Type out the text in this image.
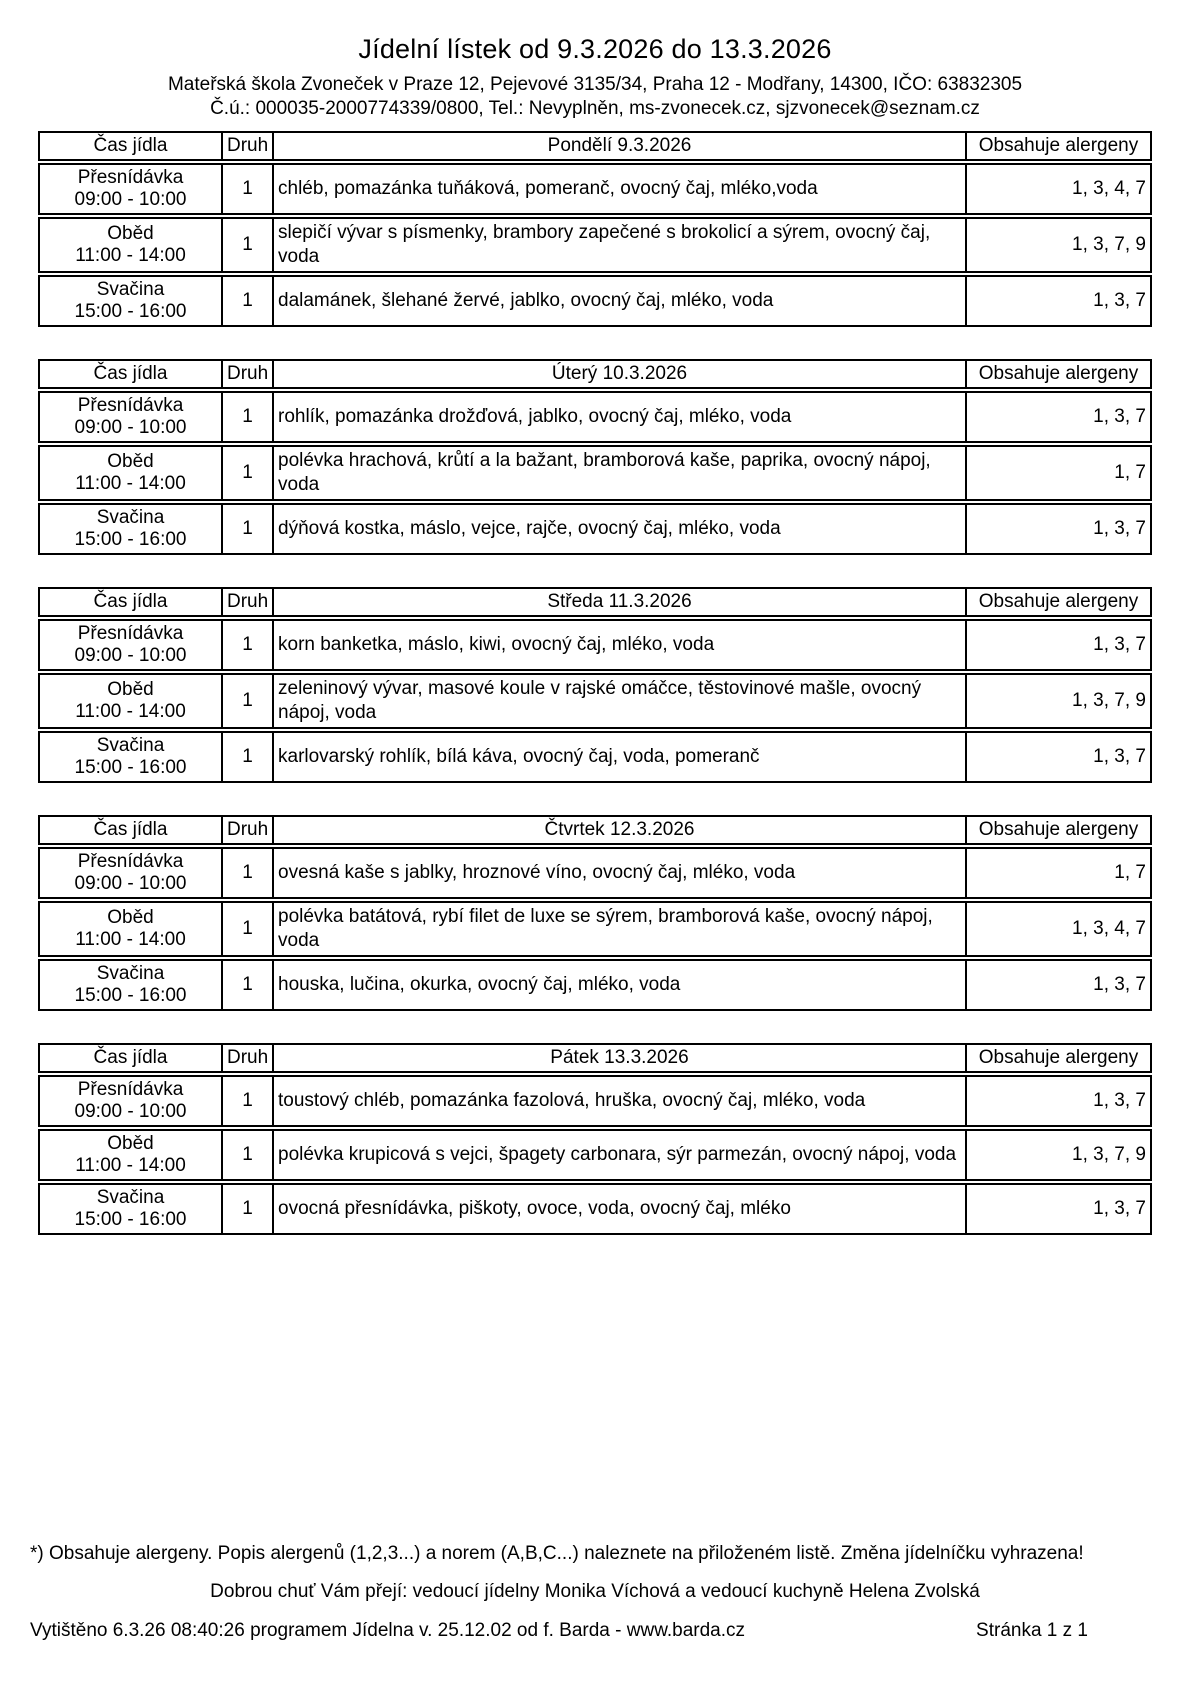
Jídelní lístek od 9.3.2026 do 13.3.2026
Mateřská škola Zvoneček v Praze 12, Pejevové 3135/34, Praha 12 - Modřany, 14300, IČO: 63832305
Č.ú.: 000035-2000774339/0800, Tel.: Nevyplněn, ms-zvonecek.cz, sjzvonecek@seznam.cz
Čas jídla	Druh	Pondělí 9.3.2026	Obsahuje alergeny
Přesnídávka
09:00 - 10:00	1	chléb, pomazánka tuňáková, pomeranč, ovocný čaj, mléko,voda	1, 3, 4, 7
Oběd
11:00 - 14:00	1	slepičí vývar s písmenky, brambory zapečené s brokolicí a sýrem, ovocný čaj, voda	1, 3, 7, 9
Svačina
15:00 - 16:00	1	dalamánek, šlehané žervé, jablko, ovocný čaj, mléko, voda	1, 3, 7
Čas jídla	Druh	Úterý 10.3.2026	Obsahuje alergeny
Přesnídávka
09:00 - 10:00	1	rohlík, pomazánka drožďová, jablko, ovocný čaj, mléko, voda	1, 3, 7
Oběd
11:00 - 14:00	1	polévka hrachová, krůtí a la bažant, bramborová kaše, paprika, ovocný nápoj, voda	1, 7
Svačina
15:00 - 16:00	1	dýňová kostka, máslo, vejce, rajče, ovocný čaj, mléko, voda	1, 3, 7
Čas jídla	Druh	Středa 11.3.2026	Obsahuje alergeny
Přesnídávka
09:00 - 10:00	1	korn banketka, máslo, kiwi, ovocný čaj, mléko, voda	1, 3, 7
Oběd
11:00 - 14:00	1	zeleninový vývar, masové koule v rajské omáčce, těstovinové mašle, ovocný nápoj, voda	1, 3, 7, 9
Svačina
15:00 - 16:00	1	karlovarský rohlík, bílá káva, ovocný čaj, voda, pomeranč	1, 3, 7
Čas jídla	Druh	Čtvrtek 12.3.2026	Obsahuje alergeny
Přesnídávka
09:00 - 10:00	1	ovesná kaše s jablky, hroznové víno, ovocný čaj, mléko, voda	1, 7
Oběd
11:00 - 14:00	1	polévka batátová, rybí filet de luxe se sýrem, bramborová kaše, ovocný nápoj, voda	1, 3, 4, 7
Svačina
15:00 - 16:00	1	houska, lučina, okurka, ovocný čaj, mléko, voda	1, 3, 7
Čas jídla	Druh	Pátek 13.3.2026	Obsahuje alergeny
Přesnídávka
09:00 - 10:00	1	toustový chléb, pomazánka fazolová, hruška, ovocný čaj, mléko, voda	1, 3, 7
Oběd
11:00 - 14:00	1	polévka krupicová s vejci, špagety carbonara, sýr parmezán, ovocný nápoj, voda	1, 3, 7, 9
Svačina
15:00 - 16:00	1	ovocná přesnídávka, piškoty, ovoce, voda, ovocný čaj, mléko	1, 3, 7
*) Obsahuje alergeny. Popis alergenů (1,2,3...) a norem (A,B,C...) naleznete na přiloženém listě. Změna jídelníčku vyhrazena!
Dobrou chuť Vám přejí: vedoucí jídelny Monika Víchová a vedoucí kuchyně Helena Zvolská
Vytištěno 6.3.26 08:40:26 programem Jídelna v. 25.12.02 od f. Barda - www.barda.cz	Stránka 1 z 1
